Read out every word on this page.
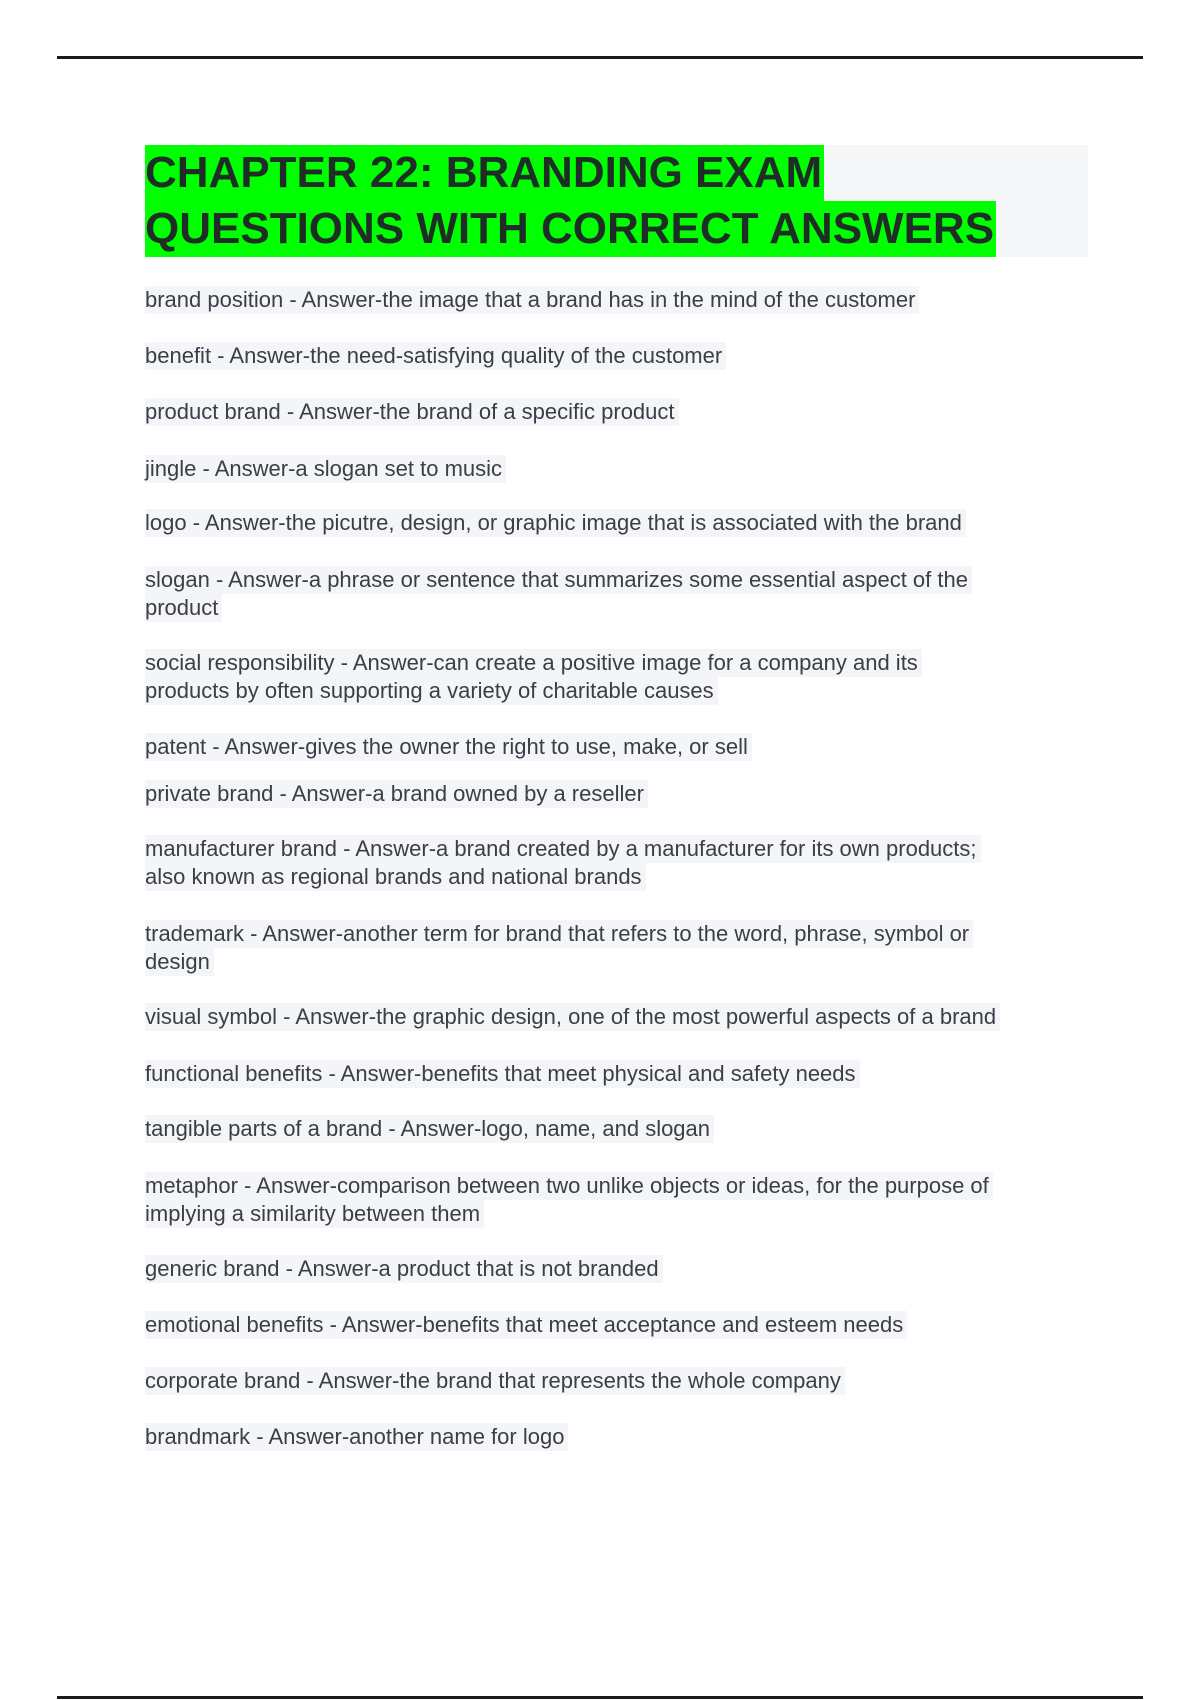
CHAPTER 22: BRANDING EXAM
QUESTIONS WITH CORRECT ANSWERS
brand position - Answer-the image that a brand has in the mind of the customer
benefit - Answer-the need-satisfying quality of the customer
product brand - Answer-the brand of a specific product
jingle - Answer-a slogan set to music
logo - Answer-the picutre, design, or graphic image that is associated with the brand
slogan - Answer-a phrase or sentence that summarizes some essential aspect of the
product
social responsibility - Answer-can create a positive image for a company and its
products by often supporting a variety of charitable causes
patent - Answer-gives the owner the right to use, make, or sell
private brand - Answer-a brand owned by a reseller
manufacturer brand - Answer-a brand created by a manufacturer for its own products;
also known as regional brands and national brands
trademark - Answer-another term for brand that refers to the word, phrase, symbol or
design
visual symbol - Answer-the graphic design, one of the most powerful aspects of a brand
functional benefits - Answer-benefits that meet physical and safety needs
tangible parts of a brand - Answer-logo, name, and slogan
metaphor - Answer-comparison between two unlike objects or ideas, for the purpose of
implying a similarity between them
generic brand - Answer-a product that is not branded
emotional benefits - Answer-benefits that meet acceptance and esteem needs
corporate brand - Answer-the brand that represents the whole company
brandmark - Answer-another name for logo
